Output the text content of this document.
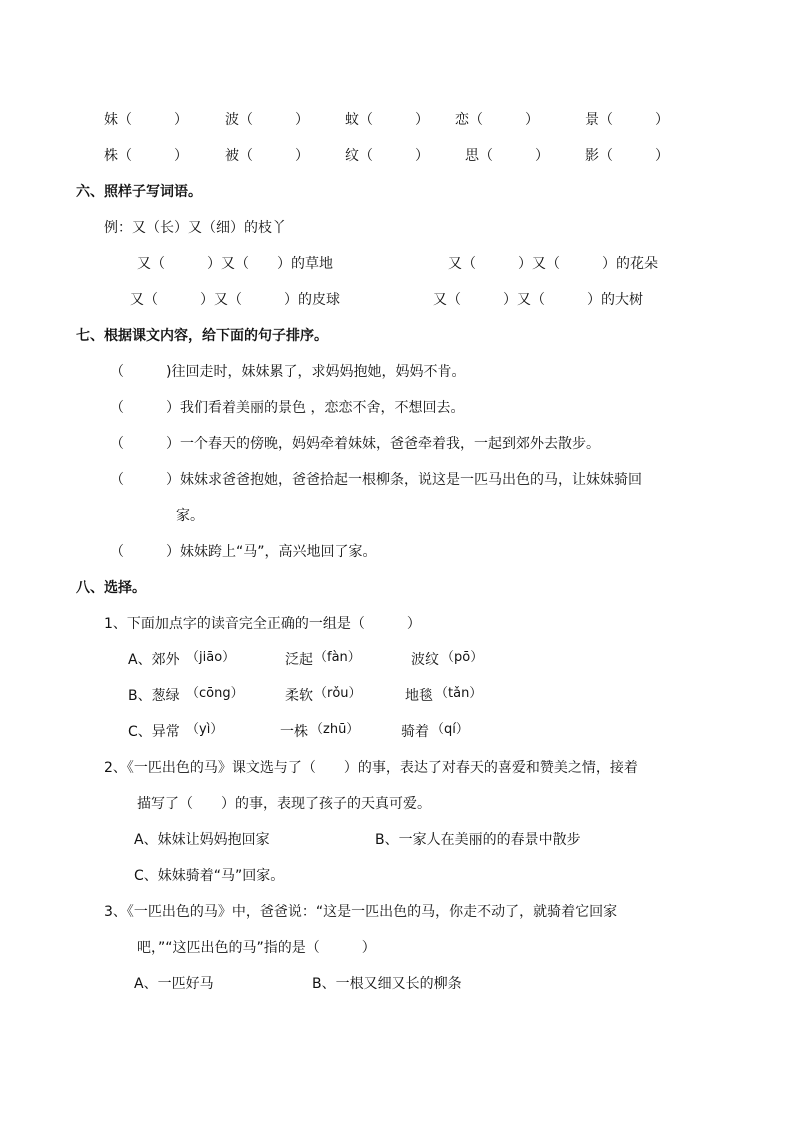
妹（　　　）	波（　　　）	蚊（　　　） 恋（　　　）	景（　　　）
株（　　　）	被（　　　）	纹（　　　）	思（　　　）	影（　　　）
六、照样子写词语。
例：又（长）又（细）的枝丫
又（　　　）又（　　）的草地	又（　　　）又（　　　）的花朵
又（　　　）又（　　　）的皮球	又（　　　）又（　　　）的大树
七、根据课文内容，给下面的句子排序。
（　　　)往回走时，妹妹累了，求妈妈抱她，妈妈不肯。
（　　　）我们看着美丽的景色 ，恋恋不舍，不想回去。
（　　　）一个春天的傍晚，妈妈牵着妹妹，爸爸牵着我，一起到郊外去散步。
（　　　）妹妹求爸爸抱她，爸爸拾起一根柳条，说这是一匹马出色的马，让妹妹骑回
家。
（　　　）妹妹跨上“马”，高兴地回了家。
八、选择。
1、下面加点字的读音完全正确的一组是（　　　）
A、郊外 （jiāo）	泛起 （fàn）	波纹 （pō）
B、葱绿 （cōng）	柔软 （rǒu）	地毯 （tǎn）
C、异常 （yì）	一株 （zhū）	骑着 （qí）
2、《一匹出色的马》课文选与了（　　）的事，表达了对春天的喜爱和赞美之情，接着
描写了（　　）的事，表现了孩子的天真可爱。
A、妹妹让妈妈抱回家	B、一家人在美丽的的春景中散步
C、妹妹骑着“马”回家。
3、《一匹出色的马》中，爸爸说：“这是一匹出色的马，你走不动了，就骑着它回家
吧，”“这匹出色的马”指的是（　　　）
A、一匹好马	B、一根又细又长的柳条
